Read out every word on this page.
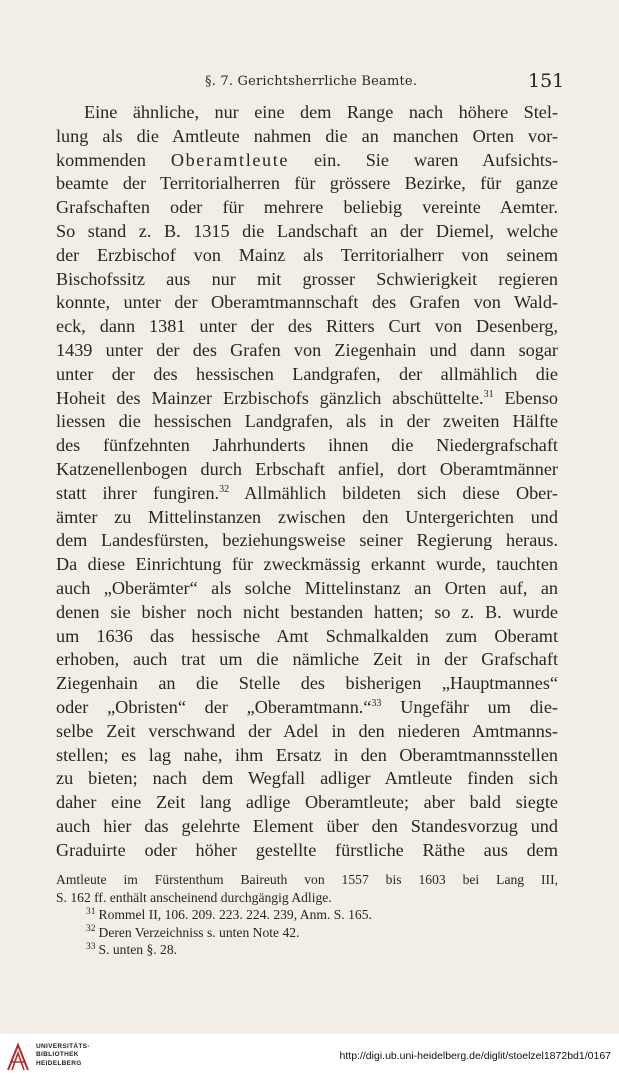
§. 7. Gerichtsherrliche Beamte.	151
Eine ähnliche, nur eine dem Range nach höhere Stel-
lung als die Amtleute nahmen die an manchen Orten vor-
kommenden Oberamtleute ein. Sie waren Aufsichts-
beamte der Territorialherren für grössere Bezirke, für ganze
Grafschaften oder für mehrere beliebig vereinte Aemter.
So stand z. B. 1315 die Landschaft an der Diemel, welche
der Erzbischof von Mainz als Territorialherr von seinem
Bischofssitz aus nur mit grosser Schwierigkeit regieren
konnte, unter der Oberamtmannschaft des Grafen von Wald-
eck, dann 1381 unter der des Ritters Curt von Desenberg,
1439 unter der des Grafen von Ziegenhain und dann sogar
unter der des hessischen Landgrafen, der allmählich die
Hoheit des Mainzer Erzbischofs gänzlich abschüttelte.$^{31}$ Ebenso
liessen die hessischen Landgrafen, als in der zweiten Hälfte
des fünfzehnten Jahrhunderts ihnen die Niedergrafschaft
Katzenellenbogen durch Erbschaft anfiel, dort Oberamtmänner
statt ihrer fungiren.$^{32}$ Allmählich bildeten sich diese Ober-
ämter zu Mittelinstanzen zwischen den Untergerichten und
dem Landesfürsten, beziehungsweise seiner Regierung heraus.
Da diese Einrichtung für zweckmässig erkannt wurde, tauchten
auch „Oberämter“ als solche Mittelinstanz an Orten auf, an
denen sie bisher noch nicht bestanden hatten; so z. B. wurde
um 1636 das hessische Amt Schmalkalden zum Oberamt
erhoben, auch trat um die nämliche Zeit in der Grafschaft
Ziegenhain an die Stelle des bisherigen „Hauptmannes“
oder „Obristen“ der „Oberamtmann.“$^{33}$ Ungefähr um die-
selbe Zeit verschwand der Adel in den niederen Amtmanns-
stellen; es lag nahe, ihm Ersatz in den Oberamtmannsstellen
zu bieten; nach dem Wegfall adliger Amtleute finden sich
daher eine Zeit lang adlige Oberamtleute; aber bald siegte
auch hier das gelehrte Element über den Standesvorzug und
Graduirte oder höher gestellte fürstliche Räthe aus dem
Amtleute im Fürstenthum Baireuth von 1557 bis 1603 bei Lang III,
S. 162 ff. enthält anscheinend durchgängig Adlige.
$^{31}$ Rommel II, 106. 209. 223. 224. 239, Anm. S. 165.
$^{32}$ Deren Verzeichniss s. unten Note 42.
$^{33}$ S. unten §. 28.
UNIVERSITÄTS-
BIBLIOTHEK
HEIDELBERG
http://digi.ub.uni-heidelberg.de/diglit/stoelzel1872bd1/0167
